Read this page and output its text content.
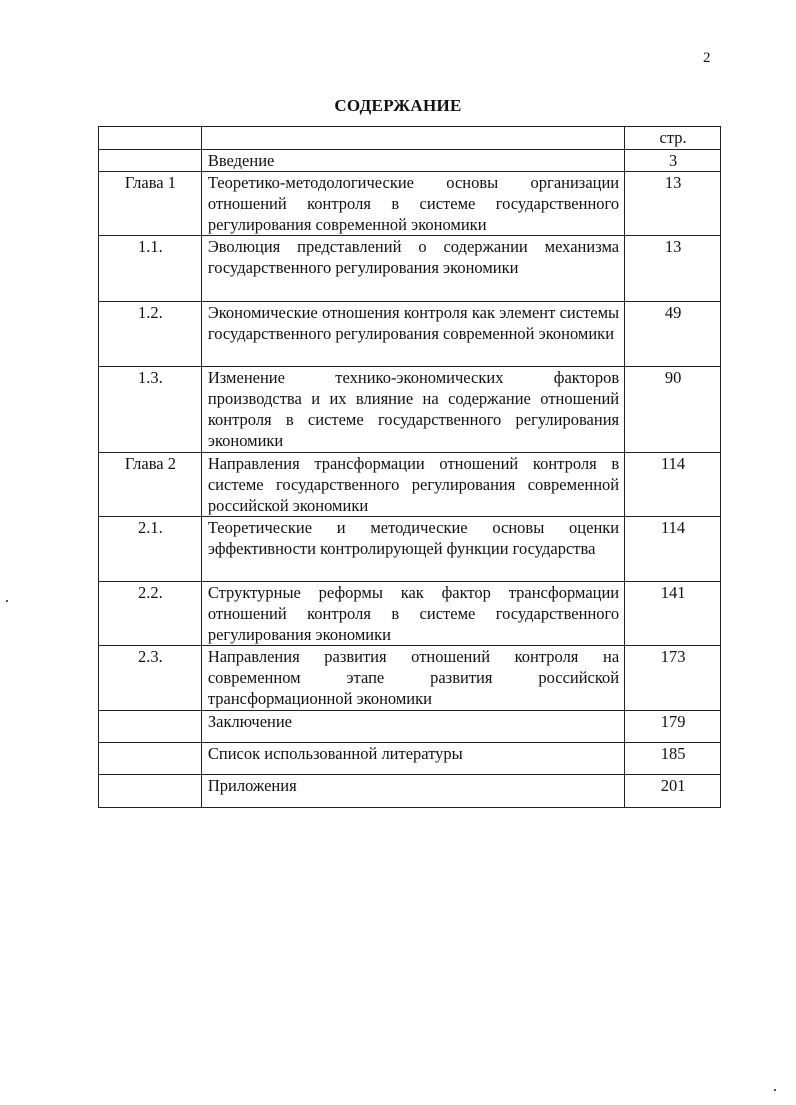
2
СОДЕРЖАНИЕ
		стр.
	Введение	3
Глава 1	Теоретико-методологические основы организации отношений контроля в системе государственного регулирования современной экономики	13
1.1.	Эволюция представлений о содержании механизма государственного регулирования экономики	13
1.2.	Экономические отношения контроля как элемент системы государственного регулирования современной экономики	49
1.3.	Изменение технико-экономических факторов производства и их влияние на содержание отношений контроля в системе государственного регулирования экономики	90
Глава 2	Направления трансформации отношений контроля в системе государственного регулирования современной российской экономики	114
2.1.	Теоретические и методические основы оценки эффективности контролирующей функции государства	114
2.2.	Структурные реформы как фактор трансформации отношений контроля в системе государственного регулирования экономики	141
2.3.	Направления развития отношений контроля на современном этапе развития российской трансформационной экономики	173
	Заключение	179
	Список использованной литературы	185
	Приложения	201
